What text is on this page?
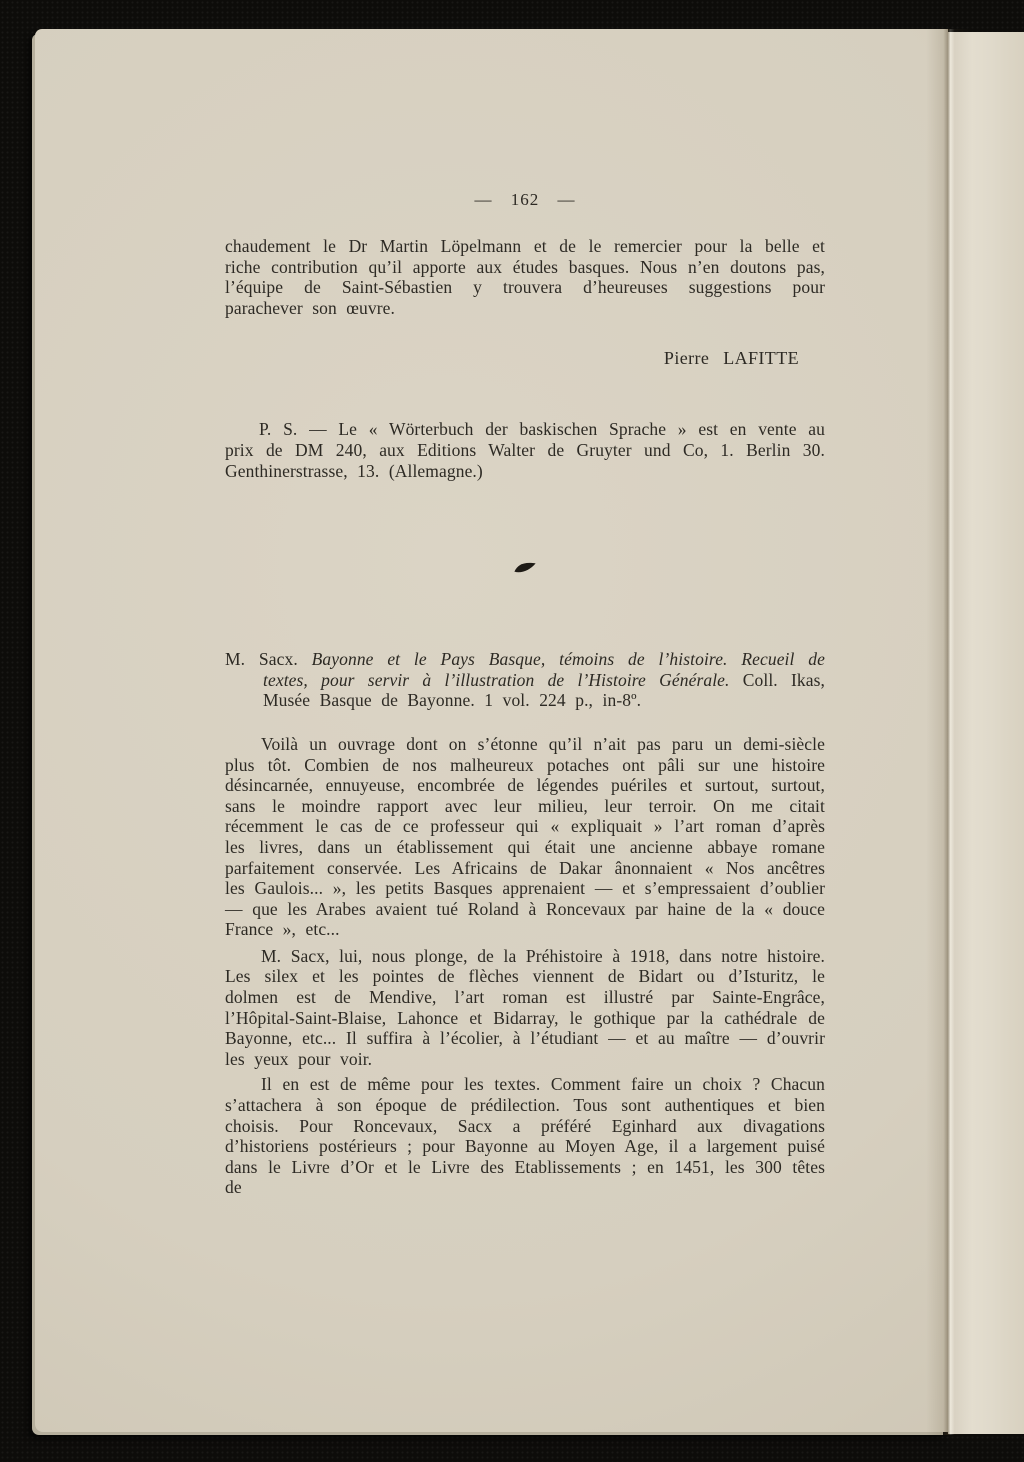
— 162 —

chaudement le Dr Martin Löpelmann et de le remercier pour la belle et riche contribution qu’il apporte aux études basques. Nous n’en doutons pas, l’équipe de Saint-Sébastien y trouvera d’heureuses suggestions pour parachever son œuvre.

Pierre LAFITTE

P. S. — Le « Wörterbuch der baskischen Sprache » est en vente au prix de DM 240, aux Editions Walter de Gruyter und Co, 1. Berlin 30. Genthinerstrasse, 13. (Allemagne.)

M. Sacx. Bayonne et le Pays Basque, témoins de l’histoire. Recueil de textes, pour servir à l’illustration de l’Histoire Générale. Coll. Ikas, Musée Basque de Bayonne. 1 vol. 224 p., in-8º.

Voilà un ouvrage dont on s’étonne qu’il n’ait pas paru un demi-siècle plus tôt. Combien de nos malheureux potaches ont pâli sur une histoire désincarnée, ennuyeuse, encombrée de légendes puériles et surtout, surtout, sans le moindre rapport avec leur milieu, leur terroir. On me citait récemment le cas de ce professeur qui « expliquait » l’art roman d’après les livres, dans un établissement qui était une ancienne abbaye romane parfaitement conservée. Les Africains de Dakar ânonnaient « Nos ancêtres les Gaulois... », les petits Basques apprenaient — et s’empressaient d’oublier — que les Arabes avaient tué Roland à Roncevaux par haine de la « douce France », etc...

M. Sacx, lui, nous plonge, de la Préhistoire à 1918, dans notre histoire. Les silex et les pointes de flèches viennent de Bidart ou d’Isturitz, le dolmen est de Mendive, l’art roman est illustré par Sainte-Engrâce, l’Hôpital-Saint-Blaise, Lahonce et Bidarray, le gothique par la cathédrale de Bayonne, etc... Il suffira à l’écolier, à l’étudiant — et au maître — d’ouvrir les yeux pour voir.

Il en est de même pour les textes. Comment faire un choix ? Chacun s’attachera à son époque de prédilection. Tous sont authentiques et bien choisis. Pour Roncevaux, Sacx a préféré Eginhard aux divagations d’historiens postérieurs ; pour Bayonne au Moyen Age, il a largement puisé dans le Livre d’Or et le Livre des Etablissements ; en 1451, les 300 têtes de
